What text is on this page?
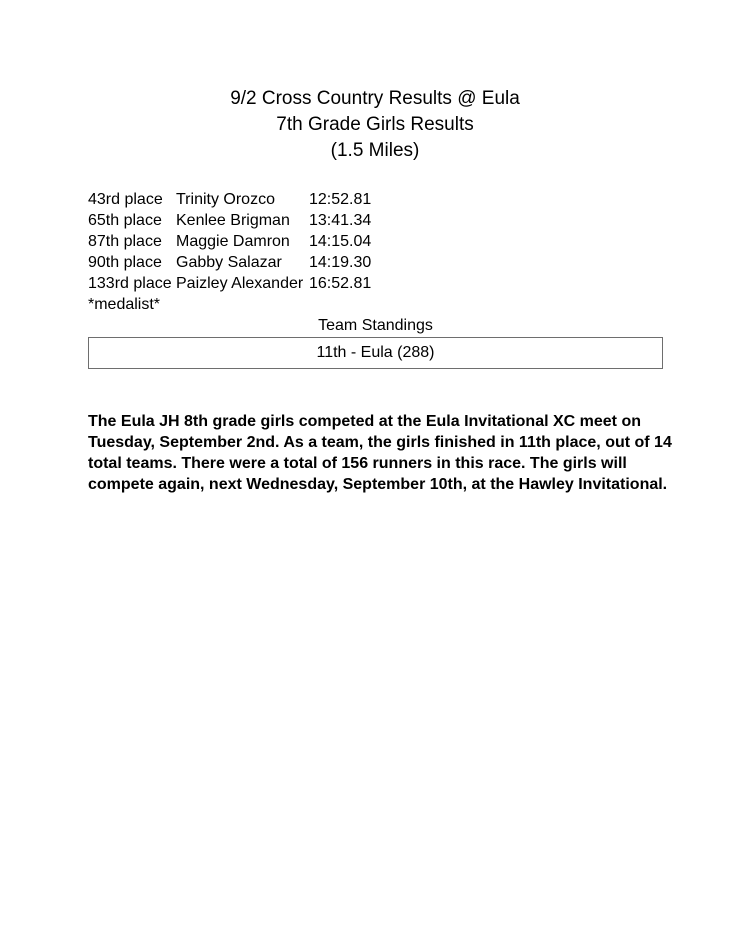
9/2 Cross Country Results @ Eula
7th Grade Girls Results
(1.5 Miles)
43rd place	Trinity Orozco	12:52.81
65th place	Kenlee Brigman	13:41.34
87th place	Maggie Damron	14:15.04
90th place	Gabby Salazar	14:19.30
133rd place	Paizley Alexander	16:52.81
*medalist*
Team Standings
11th - Eula (288)

The Eula JH 8th grade girls competed at the Eula Invitational XC meet on Tuesday, September 2nd. As a team, the girls finished in 11th place, out of 14 total teams. There were a total of 156 runners in this race. The girls will compete again, next Wednesday, September 10th, at the Hawley Invitational.
